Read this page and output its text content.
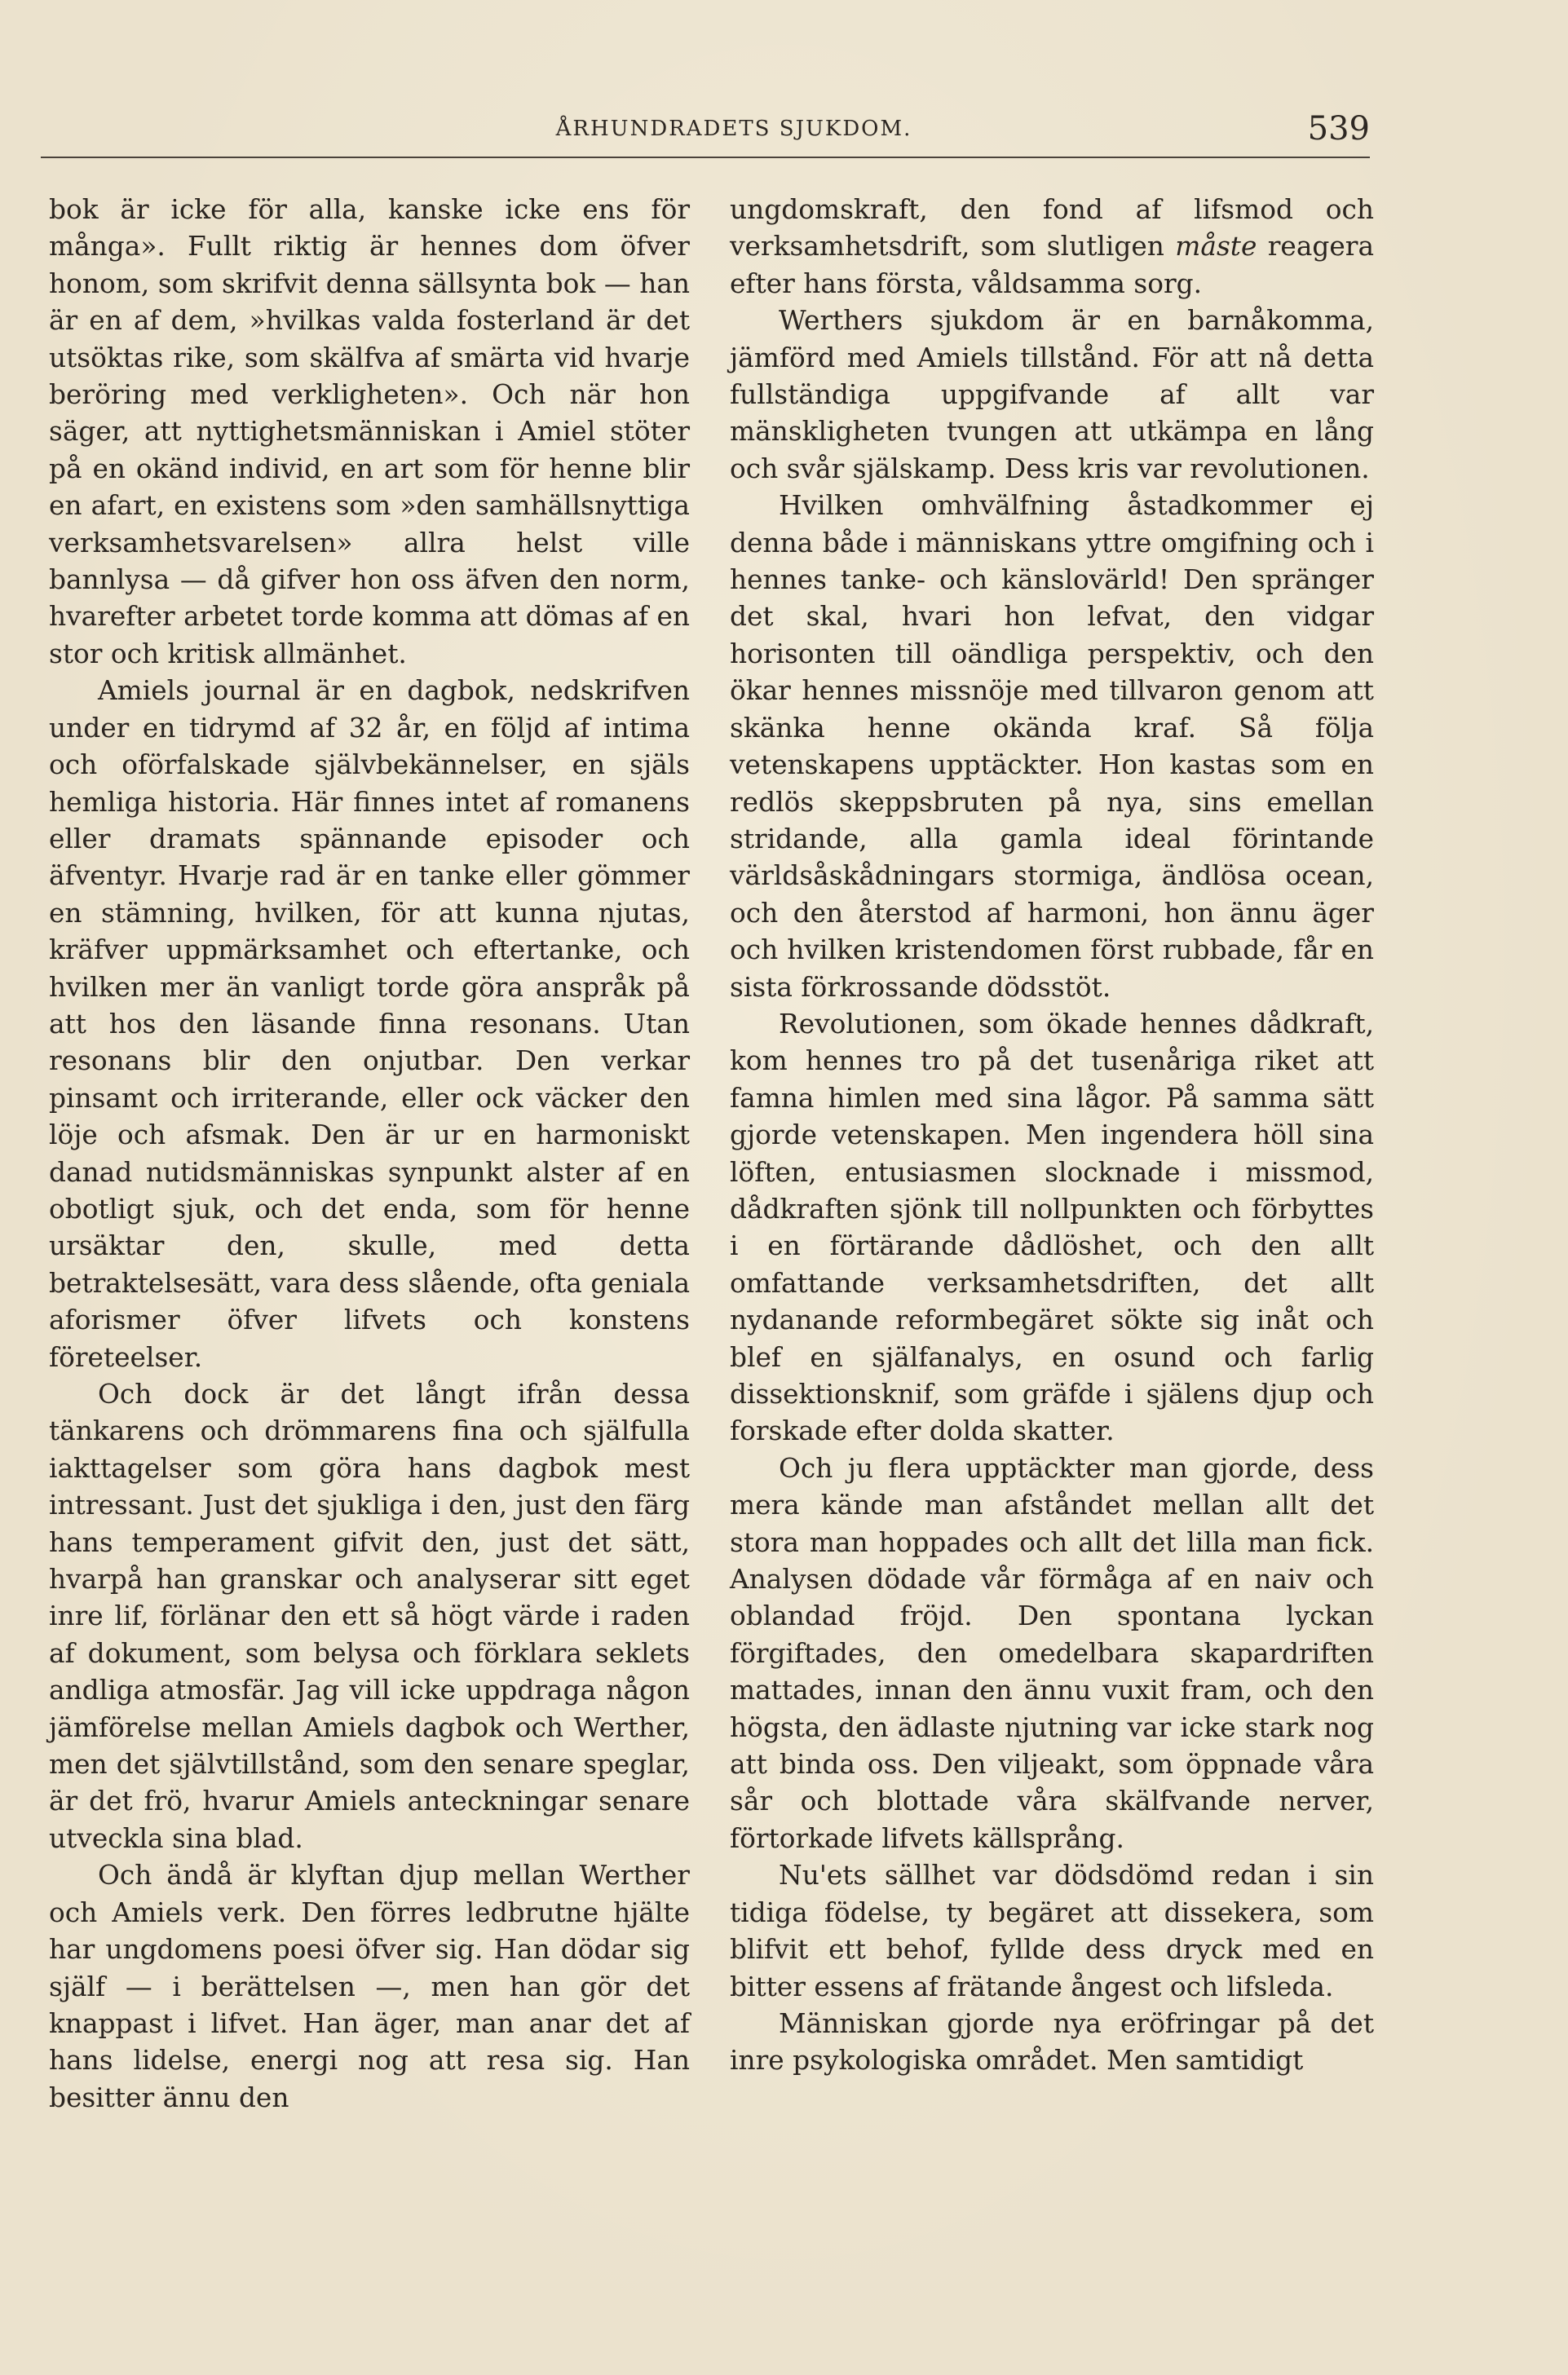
ÅRHUNDRADETS SJUKDOM.	539

bok är icke för alla, kanske icke ens för många». Fullt riktig är hennes dom öfver honom, som skrifvit denna sällsynta bok — han är en af dem, »hvilkas valda fosterland är det utsöktas rike, som skälfva af smärta vid hvarje beröring med verkligheten». Och när hon säger, att nyttighetsmänniskan i Amiel stöter på en okänd individ, en art som för henne blir en afart, en existens som »den samhällsnyttiga verksamhetsvarelsen» allra helst ville bannlysa — då gifver hon oss äfven den norm, hvarefter arbetet torde komma att dömas af en stor och kritisk allmänhet.

Amiels journal är en dagbok, nedskrifven under en tidrymd af 32 år, en följd af intima och oförfalskade självbekännelser, en själs hemliga historia. Här finnes intet af romanens eller dramats spännande episoder och äfventyr. Hvarje rad är en tanke eller gömmer en stämning, hvilken, för att kunna njutas, kräfver uppmärksamhet och eftertanke, och hvilken mer än vanligt torde göra anspråk på att hos den läsande finna resonans. Utan resonans blir den onjutbar. Den verkar pinsamt och irriterande, eller ock väcker den löje och afsmak. Den är ur en harmoniskt danad nutidsmänniskas synpunkt alster af en obotligt sjuk, och det enda, som för henne ursäktar den, skulle, med detta betraktelsesätt, vara dess slående, ofta geniala aforismer öfver lifvets och konstens företeelser.

Och dock är det långt ifrån dessa tänkarens och drömmarens fina och själfulla iakttagelser som göra hans dagbok mest intressant. Just det sjukliga i den, just den färg hans temperament gifvit den, just det sätt, hvarpå han granskar och analyserar sitt eget inre lif, förlänar den ett så högt värde i raden af dokument, som belysa och förklara seklets andliga atmosfär. Jag vill icke uppdraga någon jämförelse mellan Amiels dagbok och Werther, men det självtillstånd, som den senare speglar, är det frö, hvarur Amiels anteckningar senare utveckla sina blad.

Och ändå är klyftan djup mellan Werther och Amiels verk. Den förres ledbrutne hjälte har ungdomens poesi öfver sig. Han dödar sig själf — i berättelsen —, men han gör det knappast i lifvet. Han äger, man anar det af hans lidelse, energi nog att resa sig. Han besitter ännu den

ungdomskraft, den fond af lifsmod och verksamhetsdrift, som slutligen måste reagera efter hans första, våldsamma sorg.

Werthers sjukdom är en barnåkomma, jämförd med Amiels tillstånd. För att nå detta fullständiga uppgifvande af allt var mänskligheten tvungen att utkämpa en lång och svår själskamp. Dess kris var revolutionen.

Hvilken omhvälfning åstadkommer ej denna både i människans yttre omgifning och i hennes tanke- och känslovärld! Den spränger det skal, hvari hon lefvat, den vidgar horisonten till oändliga perspektiv, och den ökar hennes missnöje med tillvaron genom att skänka henne okända kraf. Så följa vetenskapens upptäckter. Hon kastas som en redlös skeppsbruten på nya, sins emellan stridande, alla gamla ideal förintande världsåskådningars stormiga, ändlösa ocean, och den återstod af harmoni, hon ännu äger och hvilken kristendomen först rubbade, får en sista förkrossande dödsstöt.

Revolutionen, som ökade hennes dådkraft, kom hennes tro på det tusenåriga riket att famna himlen med sina lågor. På samma sätt gjorde vetenskapen. Men ingendera höll sina löften, entusiasmen slocknade i missmod, dådkraften sjönk till nollpunkten och förbyttes i en förtärande dådlöshet, och den allt omfattande verksamhetsdriften, det allt nydanande reformbegäret sökte sig inåt och blef en själfanalys, en osund och farlig dissektionsknif, som gräfde i själens djup och forskade efter dolda skatter.

Och ju flera upptäckter man gjorde, dess mera kände man afståndet mellan allt det stora man hoppades och allt det lilla man fick. Analysen dödade vår förmåga af en naiv och oblandad fröjd. Den spontana lyckan förgiftades, den omedelbara skapardriften mattades, innan den ännu vuxit fram, och den högsta, den ädlaste njutning var icke stark nog att binda oss. Den viljeakt, som öppnade våra sår och blottade våra skälfvande nerver, förtorkade lifvets källsprång.

Nu'ets sällhet var dödsdömd redan i sin tidiga födelse, ty begäret att dissekera, som blifvit ett behof, fyllde dess dryck med en bitter essens af frätande ångest och lifsleda.

Människan gjorde nya eröfringar på det inre psykologiska området. Men samtidigt
